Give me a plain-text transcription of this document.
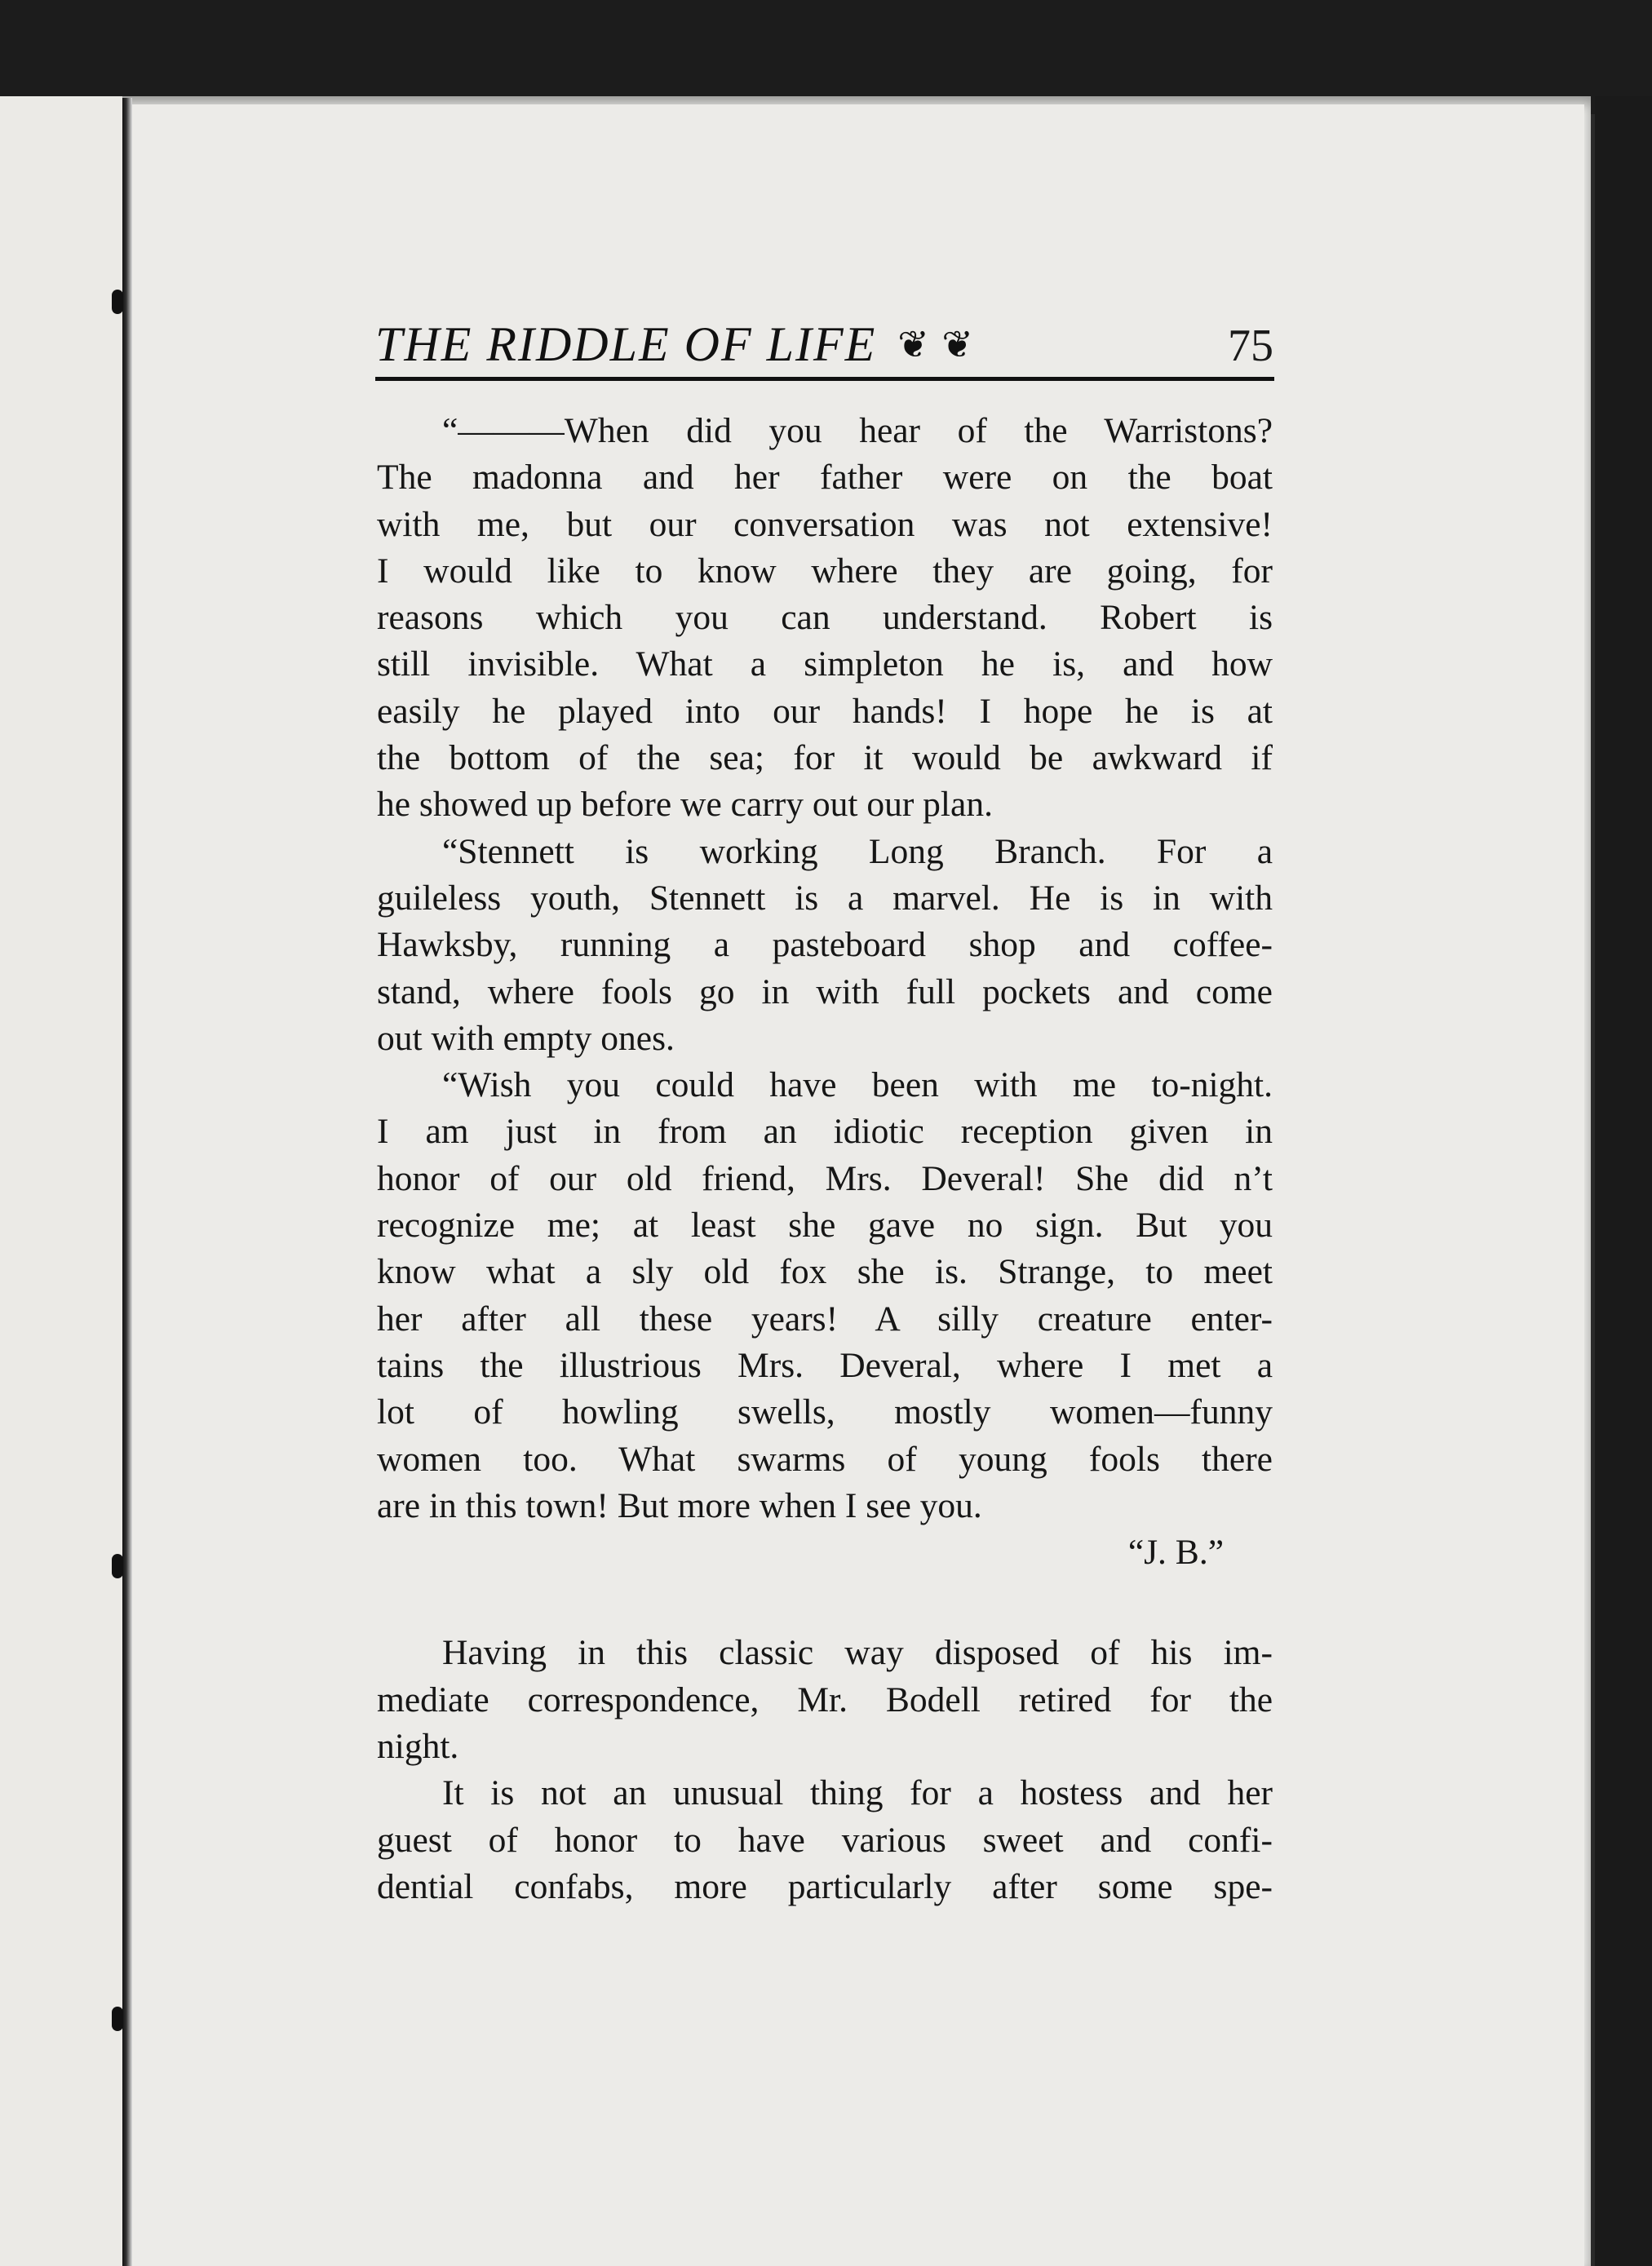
THE RIDDLE OF LIFE ❦ ❦	75
“———When did you hear of the Warristons?
The madonna and her father were on the boat
with me, but our conversation was not extensive!
I would like to know where they are going, for
reasons which you can understand. Robert is
still invisible. What a simpleton he is, and how
easily he played into our hands! I hope he is at
the bottom of the sea; for it would be awkward if
he showed up before we carry out our plan.
“Stennett is working Long Branch. For a
guileless youth, Stennett is a marvel. He is in with
Hawksby, running a pasteboard shop and coffee-
stand, where fools go in with full pockets and come
out with empty ones.
“Wish you could have been with me to-night.
I am just in from an idiotic reception given in
honor of our old friend, Mrs. Deveral! She did n’t
recognize me; at least she gave no sign. But you
know what a sly old fox she is. Strange, to meet
her after all these years! A silly creature enter-
tains the illustrious Mrs. Deveral, where I met a
lot of howling swells, mostly women—funny
women too. What swarms of young fools there
are in this town! But more when I see you.
“J. B.”
Having in this classic way disposed of his im-
mediate correspondence, Mr. Bodell retired for the
night.
It is not an unusual thing for a hostess and her
guest of honor to have various sweet and confi-
dential confabs, more particularly after some spe-
